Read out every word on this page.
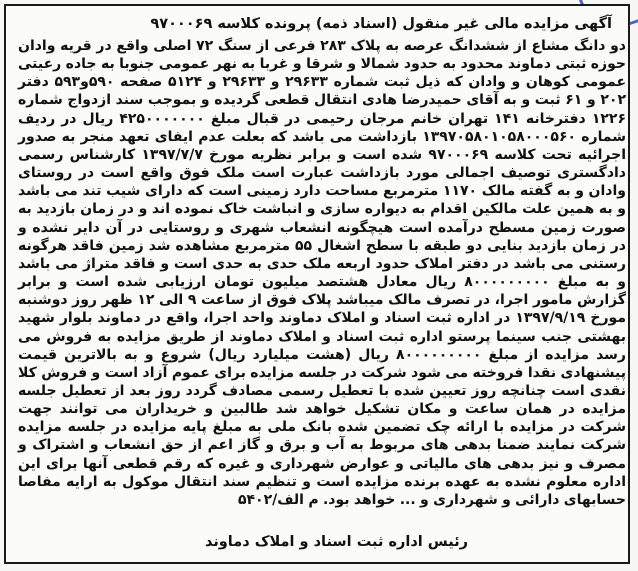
آگهی مزایده مالی غیر منقول (اسناد ذمه) پرونده کلاسه ۹۷۰۰۰۶۹
دو دانگ مشاع از ششدانگ عرصه به پلاک ۲۸۳ فرعی از سنگ ۷۲ اصلی واقع در قریه وادان حوزه ثبتی دماوند محدود به حدود شمالا و شرقا و غربا به نهر عمومی جنوبا به جاده رعیتی عمومی کوهان و وادان که ذیل ثبت شماره ۲۹۶۳۳ و ۲۹۶۳۳ و ۵۱۲۴ صفحه ۵۹۰و۵۹۳ دفتر ۲۰۲ و ۶۱ ثبت و به آقای حمیدرضا هادی انتقال قطعی گردیده و بموجب سند ازدواج شماره ۱۲۲۶ دفترخانه ۱۴۱ تهران خانم مرجان رحیمی در قبال مبلغ ۴۲۵۰۰۰۰۰۰۰ ریال در ردیف شماره ۱۳۹۷۰۵۸۰۱۰۵۸۰۰۰۵۶۰ بازداشت می باشد که بعلت عدم ایفای تعهد منجر به صدور اجرائیه تحت کلاسه ۹۷۰۰۰۶۹ شده است و برابر نظریه مورخ ۱۳۹۷/۷/۷ کارشناس رسمی دادگستری توصیف اجمالی مورد بازداشت عبارت است ملک فوق واقع است در روستای وادان و به گفته مالک ۱۱۷۰ مترمربع مساحت دارد زمینی است که دارای شیب تند می باشد و به همین علت مالکین اقدام به دیواره سازی و انباشت خاک نموده اند و در زمان بازدید به صورت زمین مسطح درآمده است هیچگونه انشعاب شهری و روستایی در آن دایر نشده و در زمان بازدید بنایی دو طبقه با سطح اشغال ۵۵ مترمربع مشاهده شد زمین فاقد هرگونه رستنی می باشد در دفتر املاک حدود اربعه ملک حدی به حدی است و فاقد متراژ می باشد و به مبلغ ۸۰۰۰۰۰۰۰۰۰ ریال معادل هشتصد میلیون تومان ارزیابی شده است و برابر گزارش مامور اجرا، در تصرف مالک میباشد پلاک فوق از ساعت ۹ الی ۱۲ ظهر روز دوشنبه مورخ ۱۳۹۷/۹/۱۹ در اداره ثبت اسناد و املاک دماوند واحد اجرا، واقع در دماوند بلوار شهید بهشتی جنب سینما پرستو اداره ثبت اسناد و املاک دماوند از طریق مزایده به فروش می رسد مزایده از مبلغ ۸۰۰۰۰۰۰۰۰۰ ریال (هشت میلیارد ریال) شروع و به بالاترین قیمت پیشنهادی نقدا فروخته می شود شرکت در جلسه مزایده برای عموم آزاد است و فروش کلا نقدی است چنانچه روز تعیین شده با تعطیل رسمی مصادف گردد روز بعد از تعطیل جلسه مزایده در همان ساعت و مکان تشکیل خواهد شد طالبین و خریداران می توانند جهت شرکت در مزایده با ارائه چک تضمین شده بانک ملی به مبلغ پایه مزایده در جلسه مزایده شرکت نمایند ضمنا بدهی های مربوط به آب و برق و گاز اعم از حق انشعاب و اشتراک و مصرف و نیز بدهی های مالیاتی و عوارض شهرداری و غیره که رقم قطعی آنها برای این اداره معلوم نشده به عهده برنده مزایده است و تنظیم سند انتقال موکول به ارایه مفاصا حسابهای دارائی و شهرداری و ... خواهد بود. م الف/۵۴۰۲
رئیس اداره ثبت اسناد و املاک دماوند
